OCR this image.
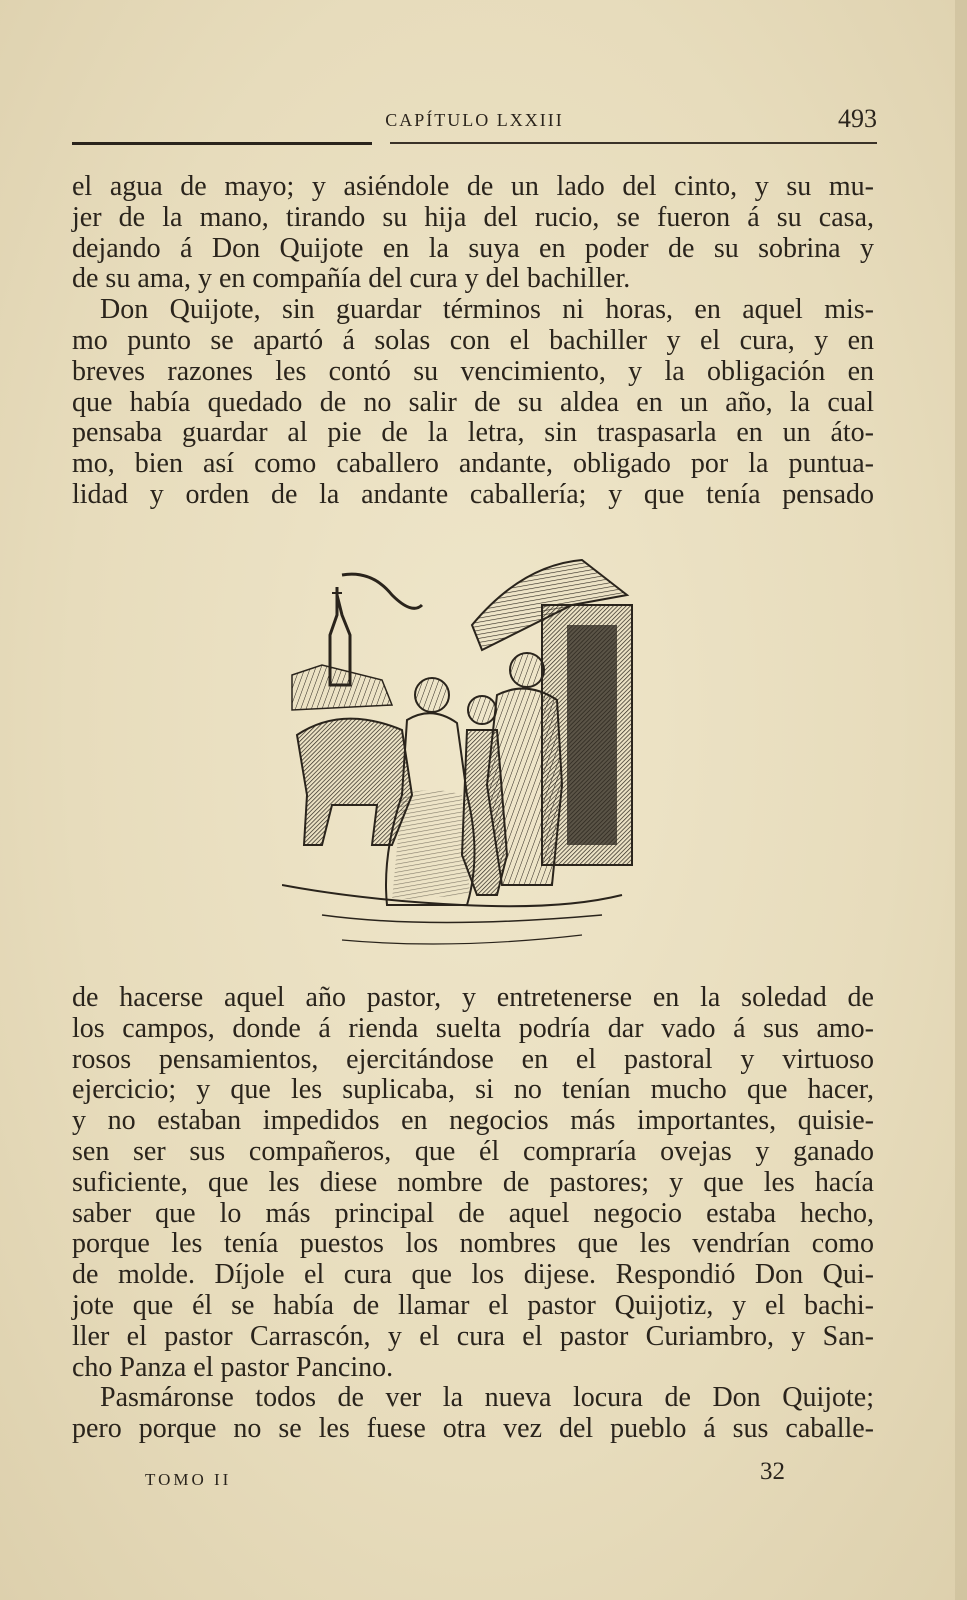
CAPÍTULO LXXIII	493
el agua de mayo; y asiéndole de un lado del cinto, y su mu-
jer de la mano, tirando su hija del rucio, se fueron á su casa,
dejando á Don Quijote en la suya en poder de su sobrina y
de su ama, y en compañía del cura y del bachiller.
Don Quijote, sin guardar términos ni horas, en aquel mis-
mo punto se apartó á solas con el bachiller y el cura, y en
breves razones les contó su vencimiento, y la obligación en
que había quedado de no salir de su aldea en un año, la cual
pensaba guardar al pie de la letra, sin traspasarla en un áto-
mo, bien así como caballero andante, obligado por la puntua-
lidad y orden de la andante caballería; y que tenía pensado
de hacerse aquel año pastor, y entretenerse en la soledad de
los campos, donde á rienda suelta podría dar vado á sus amo-
rosos pensamientos, ejercitándose en el pastoral y virtuoso
ejercicio; y que les suplicaba, si no tenían mucho que hacer,
y no estaban impedidos en negocios más importantes, quisie-
sen ser sus compañeros, que él compraría ovejas y ganado
suficiente, que les diese nombre de pastores; y que les hacía
saber que lo más principal de aquel negocio estaba hecho,
porque les tenía puestos los nombres que les vendrían como
de molde. Díjole el cura que los dijese. Respondió Don Qui-
jote que él se había de llamar el pastor Quijotiz, y el bachi-
ller el pastor Carrascón, y el cura el pastor Curiambro, y San-
cho Panza el pastor Pancino.
Pasmáronse todos de ver la nueva locura de Don Quijote;
pero porque no se les fuese otra vez del pueblo á sus caballe-
TOMO II	32
